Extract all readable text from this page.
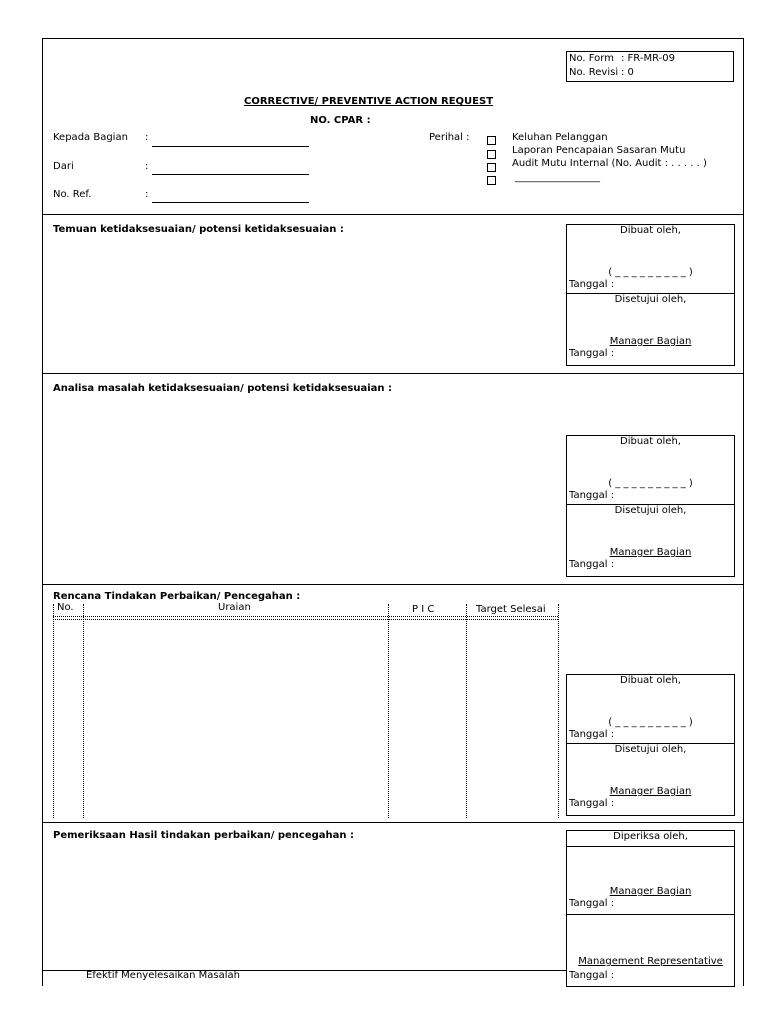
No. Form : FR-MR-09
No. Revisi : 0
CORRECTIVE/ PREVENTIVE ACTION REQUEST
NO. CPAR :
Kepada Bagian :
Dari	:
No. Ref.	:
Perihal :	Keluhan Pelanggan
Laporan Pencapaian Sasaran Mutu
Audit Mutu Internal (No. Audit : . . . . . )
_________________
Temuan ketidaksesuaian/ potensi ketidaksesuaian :	Dibuat oleh,
( _ _ _ _ _ _ _ _ _ )
Tanggal :
Disetujui oleh,
Manager Bagian
Tanggal :
Analisa masalah ketidaksesuaian/ potensi ketidaksesuaian :
Dibuat oleh,
( _ _ _ _ _ _ _ _ _ )
Tanggal :
Disetujui oleh,
Manager Bagian
Tanggal :
Rencana Tindakan Perbaikan/ Pencegahan :
No.	Uraian	P I C	Target Selesai
Dibuat oleh,
( _ _ _ _ _ _ _ _ _ )
Tanggal :
Disetujui oleh,
Manager Bagian
Tanggal :
Pemeriksaan Hasil tindakan perbaikan/ pencegahan :	Diperiksa oleh,
Manager Bagian
Tanggal :
Management Representative
Tanggal :
Efektif Menyelesaikan Masalah
